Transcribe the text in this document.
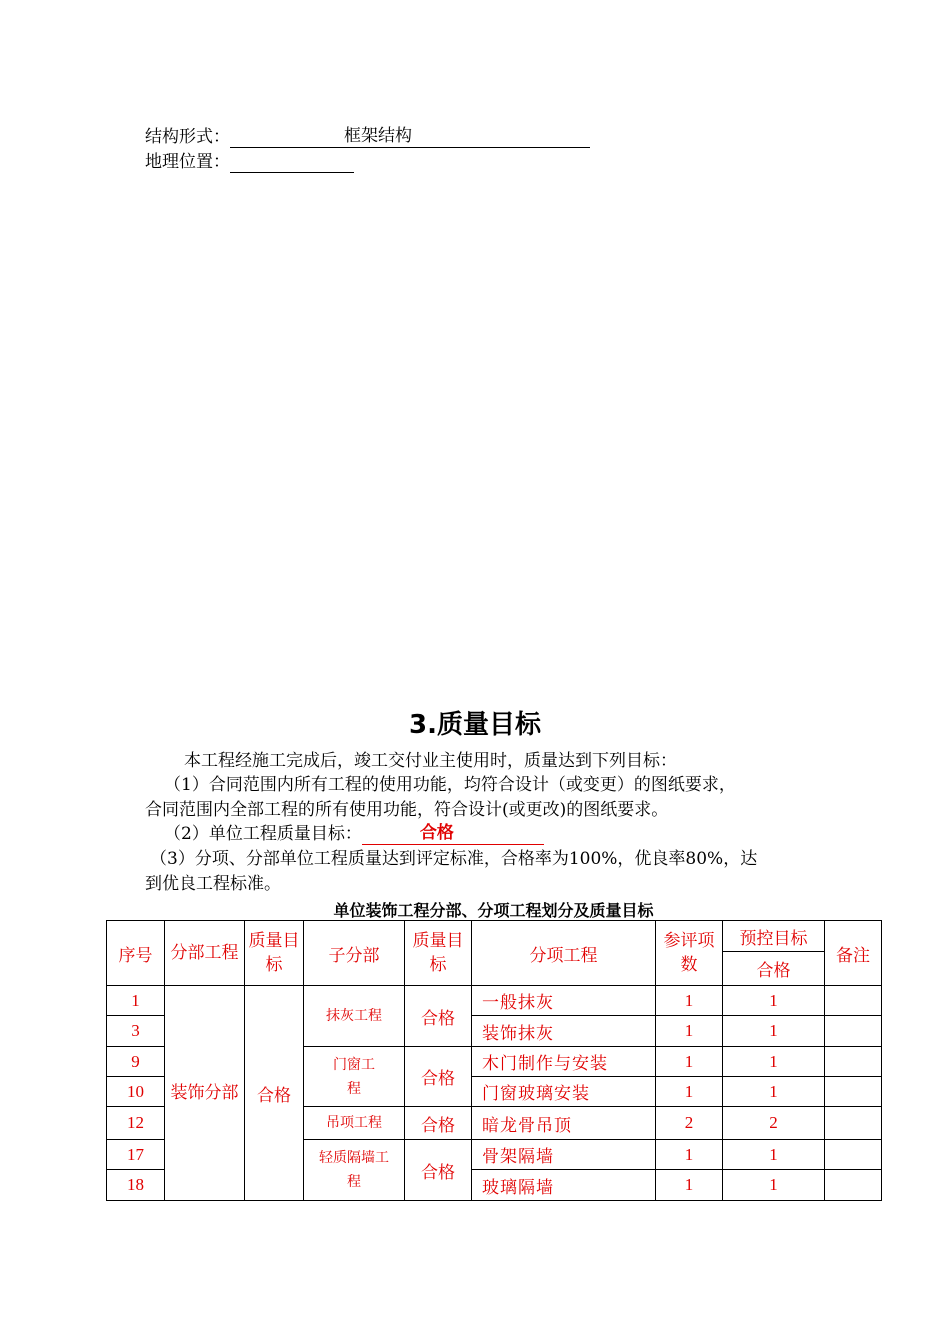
结构形式：	框架结构
地理位置：
3.质量目标
本工程经施工完成后，竣工交付业主使用时，质量达到下列目标：
（1）合同范围内所有工程的使用功能，均符合设计（或变更）的图纸要求，
合同范围内全部工程的所有使用功能，符合设计(或更改)的图纸要求。
（2）单位工程质量目标：	合格
（3）分项、分部单位工程质量达到评定标准，合格率为100%，优良率80%，达
到优良工程标准。
单位装饰工程分部、分项工程划分及质量目标
序号	分部工程	质量目标	子分部	质量目标	分项工程	参评项数	预控目标	备注
							合格	
1	装饰分部	合格	抹灰工程	合格	一般抹灰	1	1	
3					装饰抹灰	1	1	
9			门窗工程	合格	木门制作与安装	1	1	
10					门窗玻璃安装	1	1	
12			吊项工程	合格	暗龙骨吊顶	2	2	
17			轻质隔墙工程	合格	骨架隔墙	1	1	
18					玻璃隔墙	1	1	
